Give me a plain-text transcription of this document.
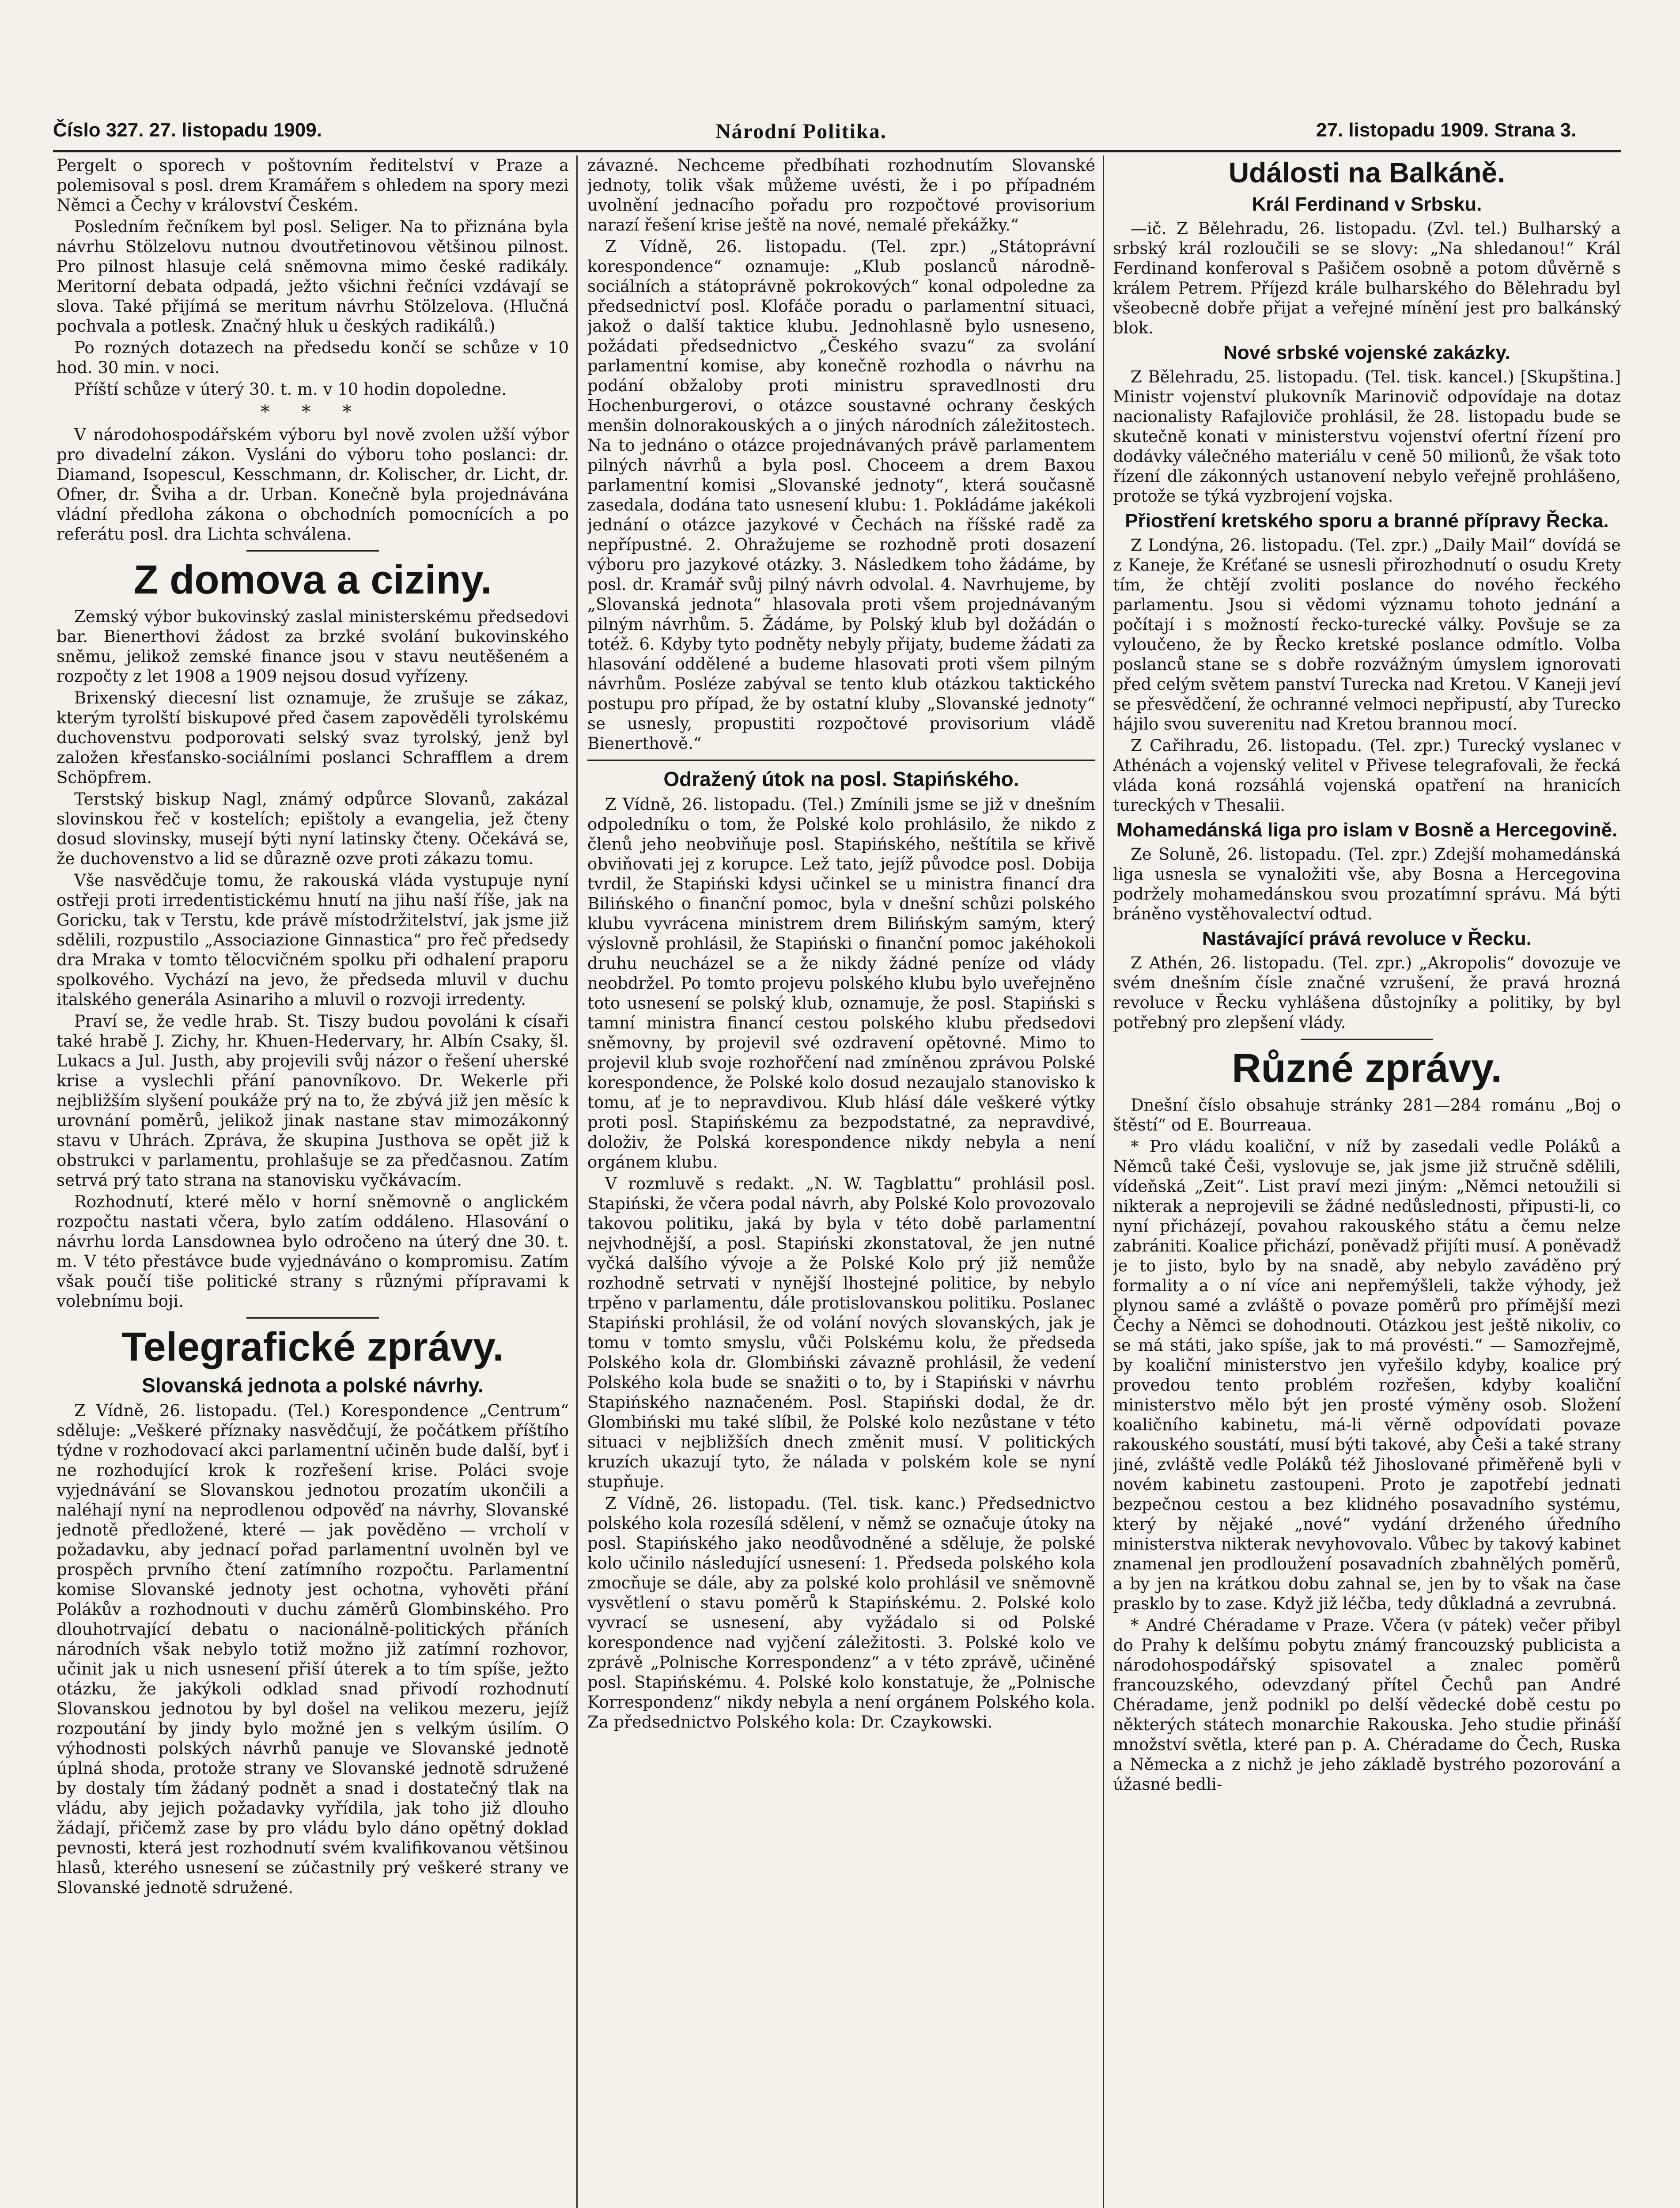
Číslo 327. 27. listopadu 1909.	Národní Politika.	27. listopadu 1909. Strana 3.

Pergelt o sporech v poštovním ředitelství v Praze a polemisoval s posl. drem Kramářem s ohledem na spory mezi Němci a Čechy v království Českém.

Posledním řečníkem byl posl. Seliger. Na to přiznána byla návrhu Stölzelovu nutnou dvoutřetinovou většinou pilnost. Pro pilnost hlasuje celá sněmovna mimo české radikály. Meritorní debata odpadá, ježto všichni řečníci vzdávají se slova. Také přijímá se meritum návrhu Stölzelova. (Hlučná pochvala a potlesk. Značný hluk u českých radikálů.)

Po rozných dotazech na předsedu končí se schůze v 10 hod. 30 min. v noci.

Příští schůze v úterý 30. t. m. v 10 hodin dopoledne.

* * *

V národohospodářském výboru byl nově zvolen užší výbor pro divadelní zákon. Vysláni do výboru toho poslanci: dr. Diamand, Isopescul, Kesschmann, dr. Kolischer, dr. Licht, dr. Ofner, dr. Šviha a dr. Urban. Konečně byla projednávána vládní předloha zákona o obchodních pomocnících a po referátu posl. dra Lichta schválena.

Z domova a ciziny.

Zemský výbor bukovinský zaslal ministerskému předsedovi bar. Bienerthovi žádost za brzké svolání bukovinského sněmu, jelikož zemské finance jsou v stavu neutěšeném a rozpočty z let 1908 a 1909 nejsou dosud vyřízeny.

Brixenský diecesní list oznamuje, že zrušuje se zákaz, kterým tyrolští biskupové před časem zapověděli tyrolskému duchovenstvu podporovati selský svaz tyrolský, jenž byl založen křesťansko-sociálními poslanci Schrafflem a drem Schöpfrem.

Terstský biskup Nagl, známý odpůrce Slovanů, zakázal slovinskou řeč v kostelích; epištoly a evangelia, jež čteny dosud slovinsky, musejí býti nyní latinsky čteny. Očekává se, že duchovenstvo a lid se důrazně ozve proti zákazu tomu.

Vše nasvědčuje tomu, že rakouská vláda vystupuje nyní ostřeji proti irredentistickému hnutí na jihu naší říše, jak na Goricku, tak v Terstu, kde právě místodržitelství, jak jsme již sdělili, rozpustilo „Associazione Ginnastica“ pro řeč předsedy dra Mraka v tomto tělocvičném spolku při odhalení praporu spolkového. Vychází na jevo, že předseda mluvil v duchu italského generála Asinariho a mluvil o rozvoji irredenty.

Praví se, že vedle hrab. St. Tiszy budou povoláni k císaři také hrabě J. Zichy, hr. Khuen-Hedervary, hr. Albín Csaky, šl. Lukacs a Jul. Justh, aby projevili svůj názor o řešení uherské krise a vyslechli přání panovníkovo. Dr. Wekerle při nejbližším slyšení poukáže prý na to, že zbývá již jen měsíc k urovnání poměrů, jelikož jinak nastane stav mimozákonný stavu v Uhrách. Zpráva, že skupina Justhova se opět již k obstrukci v parlamentu, prohlašuje se za předčasnou. Zatím setrvá prý tato strana na stanovisku vyčkávacím.

Rozhodnutí, které mělo v horní sněmovně o anglickém rozpočtu nastati včera, bylo zatím oddáleno. Hlasování o návrhu lorda Lansdownea bylo odročeno na úterý dne 30. t. m. V této přestávce bude vyjednáváno o kompromisu. Zatím však poučí tiše politické strany s různými přípravami k volebnímu boji.

Telegrafické zprávy.
Slovanská jednota a polské návrhy.

Z Vídně, 26. listopadu. (Tel.) Korespondence „Centrum“ sděluje: „Veškeré příznaky nasvědčují, že počátkem příštího týdne v rozhodovací akci parlamentní učiněn bude další, byť i ne rozhodující krok k rozřešení krise. Poláci svoje vyjednávání se Slovanskou jednotou prozatím ukončili a naléhají nyní na neprodlenou odpověď na návrhy, Slovanské jednotě předložené, které — jak pověděno — vrcholí v požadavku, aby jednací pořad parlamentní uvolněn byl ve prospěch prvního čtení zatímního rozpočtu. Parlamentní komise Slovanské jednoty jest ochotna, vyhověti přání Polákův a rozhodnouti v duchu záměrů Glombinského. Pro dlouhotrvající debatu o nacionálně-politických přáních národních však nebylo totiž možno již zatímní rozhovor, učinit jak u nich usnesení přiší úterek a to tím spíše, ježto otázku, že jakýkoli odklad snad přivodí rozhodnutí Slovanskou jednotou by byl došel na velikou mezeru, jejíž rozpoutání by jindy bylo možné jen s velkým úsilím. O výhodnosti polských návrhů panuje ve Slovanské jednotě úplná shoda, protože strany ve Slovanské jednotě sdružené by dostaly tím žádaný podnět a snad i dostatečný tlak na vládu, aby jejich požadavky vyřídila, jak toho již dlouho žádají, přičemž zase by pro vládu bylo dáno opětný doklad pevnosti, která jest rozhodnutí svém kvalifikovanou většinou hlasů, kterého usnesení se zúčastnily prý veškeré strany ve Slovanské jednotě sdružené.

závazné. Nechceme předbíhati rozhodnutím Slovanské jednoty, tolik však můžeme uvésti, že i po případném uvolnění jednacího pořadu pro rozpočtové provisorium narazí řešení krise ještě na nové, nemalé překážky.“

Z Vídně, 26. listopadu. (Tel. zpr.) „Státoprávní korespondence“ oznamuje: „Klub poslanců národně-sociálních a státoprávně pokrokových“ konal odpoledne za předsednictví posl. Klofáče poradu o parlamentní situaci, jakož o další taktice klubu. Jednohlasně bylo usneseno, požádati předsednictvo „Českého svazu“ za svolání parlamentní komise, aby konečně rozhodla o návrhu na podání obžaloby proti ministru spravedlnosti dru Hochenburgerovi, o otázce soustavné ochrany českých menšin dolnorakouských a o jiných národních záležitostech. Na to jednáno o otázce projednávaných právě parlamentem pilných návrhů a byla posl. Choceem a drem Baxou parlamentní komisi „Slovanské jednoty“, která současně zasedala, dodána tato usnesení klubu: 1. Pokládáme jakékoli jednání o otázce jazykové v Čechách na říšské radě za nepřípustné. 2. Ohražujeme se rozhodně proti dosazení výboru pro jazykové otázky. 3. Následkem toho žádáme, by posl. dr. Kramář svůj pilný návrh odvolal. 4. Navrhujeme, by „Slovanská jednota“ hlasovala proti všem projednávaným pilným návrhům. 5. Žádáme, by Polský klub byl dožádán o totéž. 6. Kdyby tyto podněty nebyly přijaty, budeme žádati za hlasování oddělené a budeme hlasovati proti všem pilným návrhům. Posléze zabýval se tento klub otázkou taktického postupu pro případ, že by ostatní kluby „Slovanské jednoty“ se usnesly, propustiti rozpočtové provisorium vládě Bienerthově.“

Odražený útok na posl. Stapińského.

Z Vídně, 26. listopadu. (Tel.) Zmínili jsme se již v dnešním odpoledníku o tom, že Polské kolo prohlásilo, že nikdo z členů jeho neobviňuje posl. Stapińského, neštítila se křivě obviňovati jej z korupce. Lež tato, jejíž původce posl. Dobija tvrdil, že Stapiński kdysi učinkel se u ministra financí dra Bilińského o finanční pomoc, byla v dnešní schůzi polského klubu vyvrácena ministrem drem Bilińským samým, který výslovně prohlásil, že Stapiński o finanční pomoc jakéhokoli druhu neucházel se a že nikdy žádné peníze od vlády neobdržel. Po tomto projevu polského klubu bylo uveřejněno toto usnesení se polský klub, oznamuje, že posl. Stapiński s tamní ministra financí cestou polského klubu předsedovi sněmovny, by projevil své ozdravení opětovné. Mimo to projevil klub svoje rozhořčení nad zmíněnou zprávou Polské korespondence, že Polské kolo dosud nezaujalo stanovisko k tomu, ať je to nepravdivou. Klub hlásí dále veškeré výtky proti posl. Stapińskému za bezpodstatné, za nepravdivé, doloživ, že Polská korespondence nikdy nebyla a není orgánem klubu.

V rozmluvě s redakt. „N. W. Tagblattu“ prohlásil posl. Stapiński, že včera podal návrh, aby Polské Kolo provozovalo takovou politiku, jaká by byla v této době parlamentní nejvhodnější, a posl. Stapiński zkonstatoval, že jen nutné vyčká dalšího vývoje a že Polské Kolo prý již nemůže rozhodně setrvati v nynější lhostejné politice, by nebylo trpěno v parlamentu, dále protislovanskou politiku. Poslanec Stapiński prohlásil, že od volání nových slovanských, jak je tomu v tomto smyslu, vůči Polskému kolu, že předseda Polského kola dr. Glombiński závazně prohlásil, že vedení Polského kola bude se snažiti o to, by i Stapiński v návrhu Stapińského naznačeném. Posl. Stapiński dodal, že dr. Glombiński mu také slíbil, že Polské kolo nezůstane v této situaci v nejbližších dnech změnit musí. V politických kruzích ukazují tyto, že nálada v polském kole se nyní stupňuje.

Z Vídně, 26. listopadu. (Tel. tisk. kanc.) Předsednictvo polského kola rozesílá sdělení, v němž se označuje útoky na posl. Stapińského jako neodůvodněné a sděluje, že polské kolo učinilo následující usnesení: 1. Předseda polského kola zmocňuje se dále, aby za polské kolo prohlásil ve sněmovně vysvětlení o stavu poměrů k Stapińskému. 2. Polské kolo vyvrací se usnesení, aby vyžádalo si od Polské korespondence nad vyjčení záležitosti. 3. Polské kolo ve zprávě „Polnische Korrespondenz“ a v této zprávě, učiněné posl. Stapińskému. 4. Polské kolo konstatuje, že „Polnische Korrespondenz“ nikdy nebyla a není orgánem Polského kola. Za předsednictvo Polského kola: Dr. Czaykowski.

Události na Balkáně.
Král Ferdinand v Srbsku.

—ič. Z Bělehradu, 26. listopadu. (Zvl. tel.) Bulharský a srbský král rozloučili se se slovy: „Na shledanou!“ Král Ferdinand konferoval s Pašičem osobně a potom důvěrně s králem Petrem. Příjezd krále bulharského do Bělehradu byl všeobecně dobře přijat a veřejné mínění jest pro balkánský blok.

Nové srbské vojenské zakázky.

Z Bělehradu, 25. listopadu. (Tel. tisk. kancel.) [Skupština.] Ministr vojenství plukovník Marinovič odpovídaje na dotaz nacionalisty Rafajloviče prohlásil, že 28. listopadu bude se skutečně konati v ministerstvu vojenství ofertní řízení pro dodávky válečného materiálu v ceně 50 milionů, že však toto řízení dle zákonných ustanovení nebylo veřejně prohlášeno, protože se týká vyzbrojení vojska.

Přiostření kretského sporu a branné přípravy Řecka.

Z Londýna, 26. listopadu. (Tel. zpr.) „Daily Mail“ dovídá se z Kaneje, že Kréťané se usnesli přirozhodnutí o osudu Krety tím, že chtějí zvoliti poslance do nového řeckého parlamentu. Jsou si vědomi významu tohoto jednání a počítají i s možností řecko-turecké války. Povšuje se za vyloučeno, že by Řecko kretské poslance odmítlo. Volba poslanců stane se s dobře rozvážným úmyslem ignorovati před celým světem panství Turecka nad Kretou. V Kaneji jeví se přesvědčení, že ochranné velmoci nepřipustí, aby Turecko hájilo svou suverenitu nad Kretou brannou mocí.

Z Cařihradu, 26. listopadu. (Tel. zpr.) Turecký vyslanec v Athénách a vojenský velitel v Přivese telegrafovali, že řecká vláda koná rozsáhlá vojenská opatření na hranicích tureckých v Thesalii.

Mohamedánská liga pro islam v Bosně a Hercegovině.

Ze Soluně, 26. listopadu. (Tel. zpr.) Zdejší mohamedánská liga usnesla se vynaložiti vše, aby Bosna a Hercegovina podržely mohamedánskou svou prozatímní správu. Má býti bráněno vystěhovalectví odtud.

Nastávající prává revoluce v Řecku.

Z Athén, 26. listopadu. (Tel. zpr.) „Akropolis“ dovozuje ve svém dnešním čísle značné vzrušení, že pravá hrozná revoluce v Řecku vyhlášena důstojníky a politiky, by byl potřebný pro zlepšení vlády.

Různé zprávy.

Dnešní číslo obsahuje stránky 281—284 románu „Boj o štěstí“ od E. Bourreaua.

* Pro vládu koaliční, v níž by zasedali vedle Poláků a Němců také Češi, vyslovuje se, jak jsme již stručně sdělili, vídeňská „Zeit“. List praví mezi jiným: „Němci netoužili si nikterak a neprojevili se žádné nedůslednosti, připusti-li, co nyní přicházejí, povahou rakouského státu a čemu nelze zabrániti. Koalice přichází, poněvadž přijíti musí. A poněvadž je to jisto, bylo by na snadě, aby nebylo zaváděno prý formality a o ní více ani nepřemýšleli, takže výhody, jež plynou samé a zvláště o povaze poměrů pro přímější mezi Čechy a Němci se dohodnouti. Otázkou jest ještě nikoliv, co se má státi, jako spíše, jak to má provésti.“ — Samozřejmě, by koaliční ministerstvo jen vyřešilo kdyby, koalice prý provedou tento problém rozřešen, kdyby koaliční ministerstvo mělo být jen prosté výměny osob. Složení koaličního kabinetu, má-li věrně odpovídati povaze rakouského soustátí, musí býti takové, aby Češi a také strany jiné, zvláště vedle Poláků též Jihoslované přiměřeně byli v novém kabinetu zastoupeni. Proto je zapotřebí jednati bezpečnou cestou a bez klidného posavadního systému, který by nějaké „nové“ vydání drženého úředního ministerstva nikterak nevyhovovalo. Vůbec by takový kabinet znamenal jen prodloužení posavadních zbahnělých poměrů, a by jen na krátkou dobu zahnal se, jen by to však na čase prasklo by to zase. Když již léčba, tedy důkladná a zevrubná.

* André Chéradame v Praze. Včera (v pátek) večer přibyl do Prahy k delšímu pobytu známý francouzský publicista a národohospodářský spisovatel a znalec poměrů francouzského, odevzdaný přítel Čechů pan André Chéradame, jenž podnikl po delší vědecké době cestu po některých státech monarchie Rakouska. Jeho studie přináší množství světla, které pan p. A. Chéradame do Čech, Ruska a Německa a z nichž je jeho základě bystrého pozorování a úžasné bedli-
